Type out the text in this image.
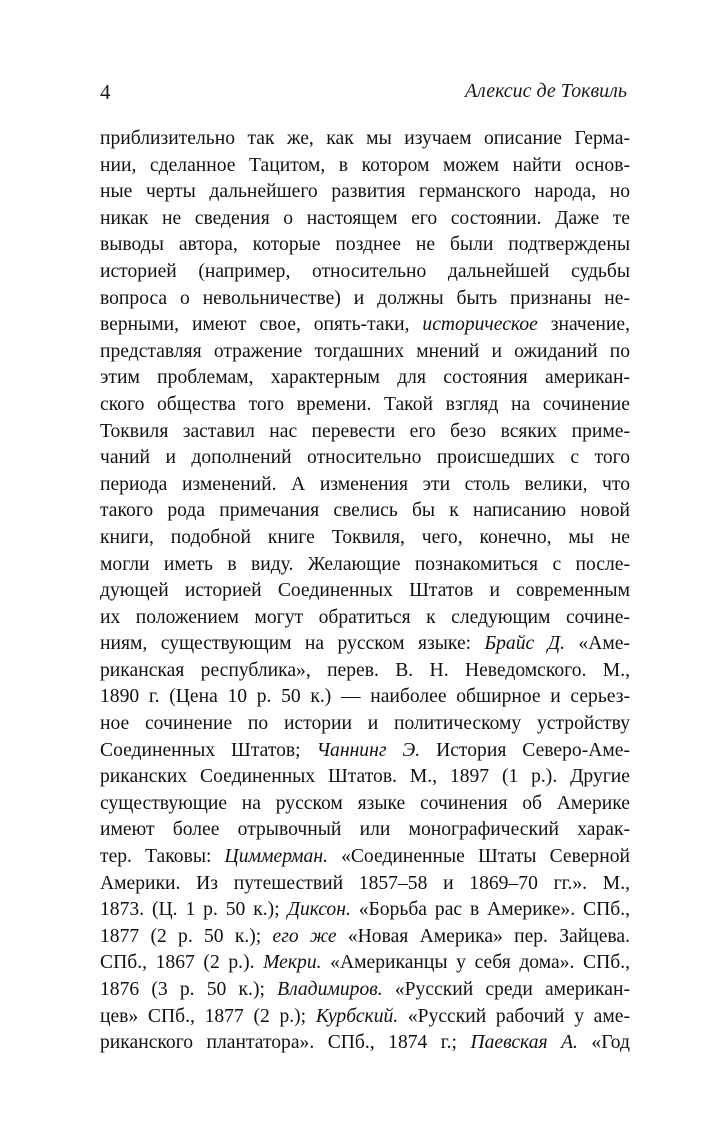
4	Алексис де Токвиль
приблизительно так же, как мы изучаем описание Герма-
нии, сделанное Тацитом, в котором можем найти основ-
ные черты дальнейшего развития германского народа, но
никак не сведения о настоящем его состоянии. Даже те
выводы автора, которые позднее не были подтверждены
историей (например, относительно дальнейшей судьбы
вопроса о невольничестве) и должны быть признаны не-
верными, имеют свое, опять-таки, историческое значение,
представляя отражение тогдашних мнений и ожиданий по
этим проблемам, характерным для состояния американ-
ского общества того времени. Такой взгляд на сочинение
Токвиля заставил нас перевести его безо всяких приме-
чаний и дополнений относительно происшедших с того
периода изменений. А изменения эти столь велики, что
такого рода примечания свелись бы к написанию новой
книги, подобной книге Токвиля, чего, конечно, мы не
могли иметь в виду. Желающие познакомиться с после-
дующей историей Соединенных Штатов и современным
их положением могут обратиться к следующим сочине-
ниям, существующим на русском языке: Брайс Д. «Аме-
риканская республика», перев. В. Н. Неведомского. М.,
1890 г. (Цена 10 р. 50 к.) — наиболее обширное и серьез-
ное сочинение по истории и политическому устройству
Соединенных Штатов; Чаннинг Э. История Северо-Аме-
риканских Соединенных Штатов. М., 1897 (1 р.). Другие
существующие на русском языке сочинения об Америке
имеют более отрывочный или монографический харак-
тер. Таковы: Циммерман. «Соединенные Штаты Северной
Америки. Из путешествий 1857–58 и 1869–70 гг.». М.,
1873. (Ц. 1 р. 50 к.); Диксон. «Борьба рас в Америке». СПб.,
1877 (2 р. 50 к.); его же «Новая Америка» пер. Зайцева.
СПб., 1867 (2 р.). Мекри. «Американцы у себя дома». СПб.,
1876 (3 р. 50 к.); Владимиров. «Русский среди американ-
цев» СПб., 1877 (2 р.); Курбский. «Русский рабочий у аме-
риканского плантатора». СПб., 1874 г.; Паевская А. «Год
